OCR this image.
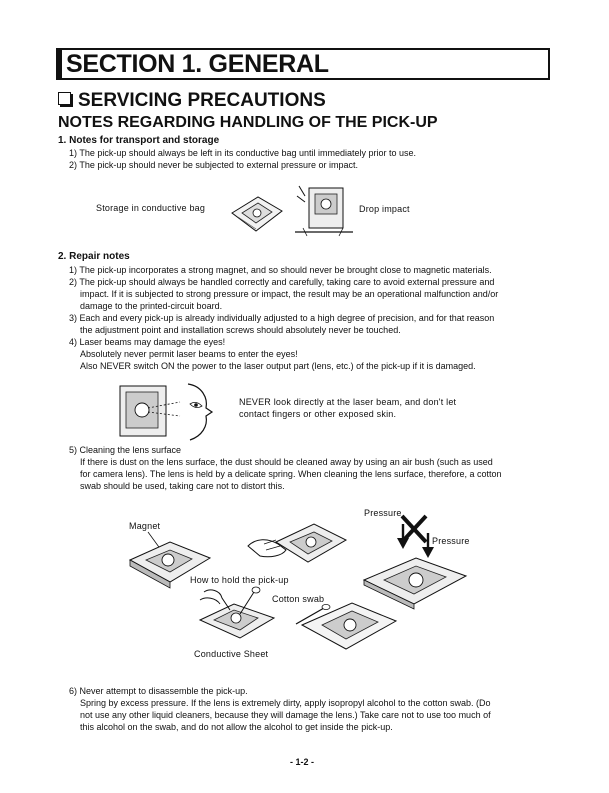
SECTION 1. GENERAL
SERVICING PRECAUTIONS
NOTES REGARDING HANDLING OF THE PICK-UP
1. Notes for transport and storage
1) The pick-up should always be left in its conductive bag until immediately prior to use.
2) The pick-up should never be subjected to external pressure or impact.
Storage in conductive bag	Drop impact
2. Repair notes
1) The pick-up incorporates a strong magnet, and so should never be brought close to magnetic materials.
2) The pick-up should always be handled correctly and carefully, taking care to avoid external pressure and
impact. If it is subjected to strong pressure or impact, the result may be an operational malfunction and/or
damage to the printed-circuit board.
3) Each and every pick-up is already individually adjusted to a high degree of precision, and for that reason
the adjustment point and installation screws should absolutely never be touched.
4) Laser beams may damage the eyes!
Absolutely never permit laser beams to enter the eyes!
Also NEVER switch ON the power to the laser output part (lens, etc.) of the pick-up if it is damaged.
NEVER look directly at the laser beam, and don't let
contact fingers or other exposed skin.
5) Cleaning the lens surface
If there is dust on the lens surface, the dust should be cleaned away by using an air bush (such as used
for camera lens). The lens is held by a delicate spring. When cleaning the lens surface, therefore, a cotton
swab should be used, taking care not to distort this.
Magnet
How to hold the pick-up
Cotton swab
Conductive Sheet
Pressure
Pressure
6) Never attempt to disassemble the pick-up.
Spring by excess pressure. If the lens is extremely dirty, apply isopropyl alcohol to the cotton swab. (Do
not use any other liquid cleaners, because they will damage the lens.) Take care not to use too much of
this alcohol on the swab, and do not allow the alcohol to get inside the pick-up.
- 1-2 -
